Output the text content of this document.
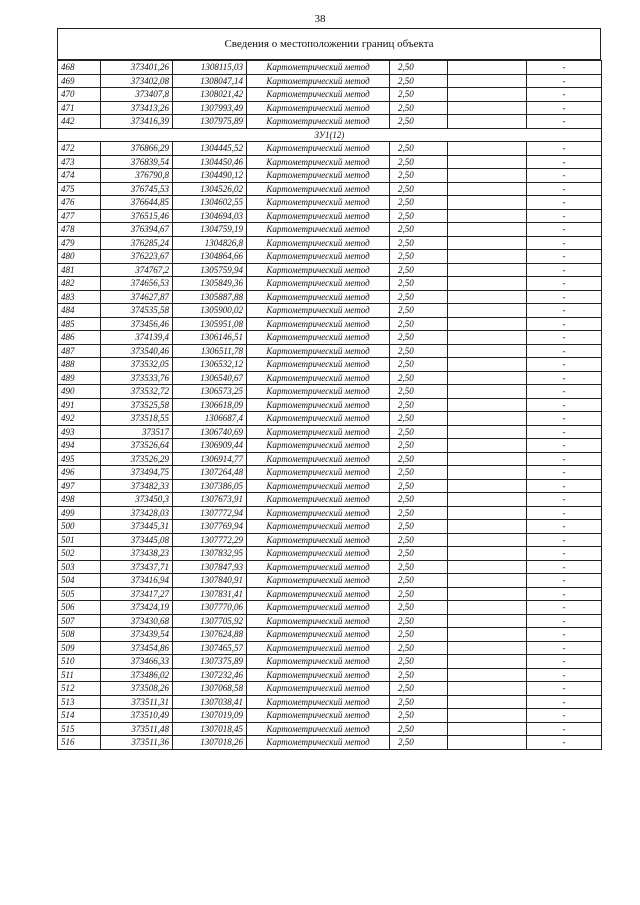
38
Сведения о местоположении границ объекта
468	373401,26	1308115,03	Картометрический метод	2,50		-
469	373402,08	1308047,14	Картометрический метод	2,50		-
470	373407,8	1308021,42	Картометрический метод	2,50		-
471	373413,26	1307993,49	Картометрический метод	2,50		-
442	373416,39	1307975,89	Картометрический метод	2,50		-
ЗУ1(12)						
472	376866,29	1304445,52	Картометрический метод	2,50		-
473	376839,54	1304450,46	Картометрический метод	2,50		-
474	376790,8	1304490,12	Картометрический метод	2,50		-
475	376745,53	1304526,02	Картометрический метод	2,50		-
476	376644,85	1304602,55	Картометрический метод	2,50		-
477	376515,46	1304694,03	Картометрический метод	2,50		-
478	376394,67	1304759,19	Картометрический метод	2,50		-
479	376285,24	1304826,8	Картометрический метод	2,50		-
480	376223,67	1304864,66	Картометрический метод	2,50		-
481	374767,2	1305759,94	Картометрический метод	2,50		-
482	374656,53	1305849,36	Картометрический метод	2,50		-
483	374627,87	1305887,88	Картометрический метод	2,50		-
484	374535,58	1305900,02	Картометрический метод	2,50		-
485	373456,46	1305951,08	Картометрический метод	2,50		-
486	374139,4	1306146,51	Картометрический метод	2,50		-
487	373540,46	1306511,78	Картометрический метод	2,50		-
488	373532,05	1306532,12	Картометрический метод	2,50		-
489	373533,76	1306540,67	Картометрический метод	2,50		-
490	373532,72	1306573,25	Картометрический метод	2,50		-
491	373525,58	1306618,09	Картометрический метод	2,50		-
492	373518,55	1306687,4	Картометрический метод	2,50		-
493	373517	1306740,69	Картометрический метод	2,50		-
494	373526,64	1306909,44	Картометрический метод	2,50		-
495	373526,29	1306914,77	Картометрический метод	2,50		-
496	373494,75	1307264,48	Картометрический метод	2,50		-
497	373482,33	1307386,05	Картометрический метод	2,50		-
498	373450,3	1307673,91	Картометрический метод	2,50		-
499	373428,03	1307772,94	Картометрический метод	2,50		-
500	373445,31	1307769,94	Картометрический метод	2,50		-
501	373445,08	1307772,29	Картометрический метод	2,50		-
502	373438,23	1307832,95	Картометрический метод	2,50		-
503	373437,71	1307847,93	Картометрический метод	2,50		-
504	373416,94	1307840,91	Картометрический метод	2,50		-
505	373417,27	1307831,41	Картометрический метод	2,50		-
506	373424,19	1307770,06	Картометрический метод	2,50		-
507	373430,68	1307705,92	Картометрический метод	2,50		-
508	373439,54	1307624,88	Картометрический метод	2,50		-
509	373454,86	1307465,57	Картометрический метод	2,50		-
510	373466,33	1307375,89	Картометрический метод	2,50		-
511	373486,02	1307232,46	Картометрический метод	2,50		-
512	373508,26	1307068,58	Картометрический метод	2,50		-
513	373511,31	1307038,41	Картометрический метод	2,50		-
514	373510,49	1307019,09	Картометрический метод	2,50		-
515	373511,48	1307018,45	Картометрический метод	2,50		-
516	373511,36	1307018,26	Картометрический метод	2,50		-
